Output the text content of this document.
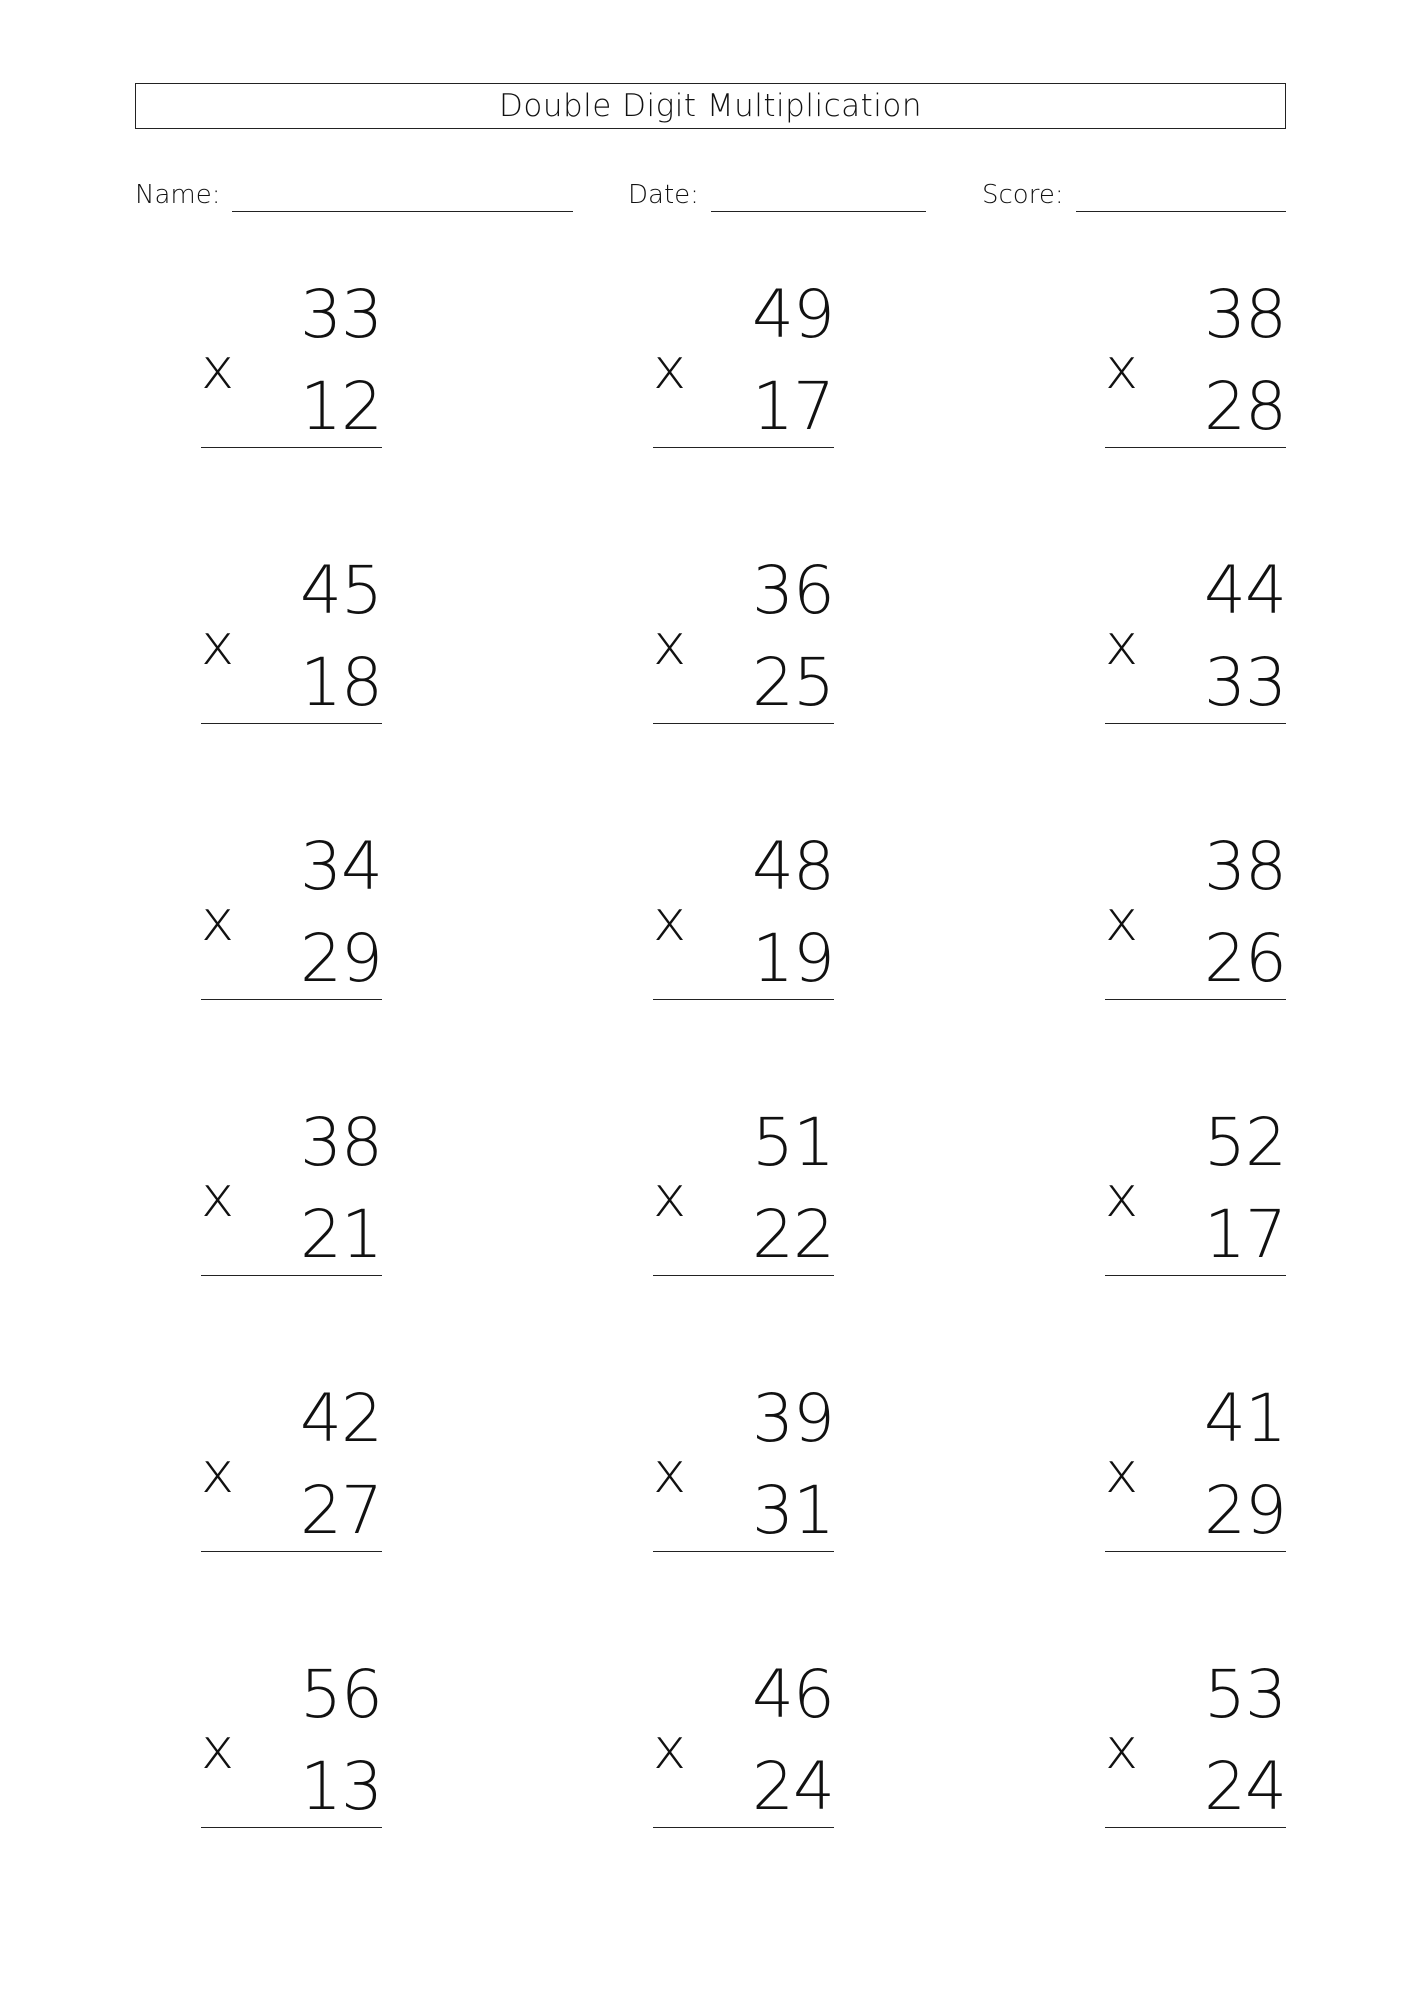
Double Digit Multiplication
Name:	Date:	Score:
x
33
12	x
49
17	x
38
28
x
45
18	x
36
25	x
44
33
x
34
29	x
48
19	x
38
26
x
38
21	x
51
22	x
52
17
x
42
27	x
39
31	x
41
29
x
56
13	x
46
24	x
53
24
